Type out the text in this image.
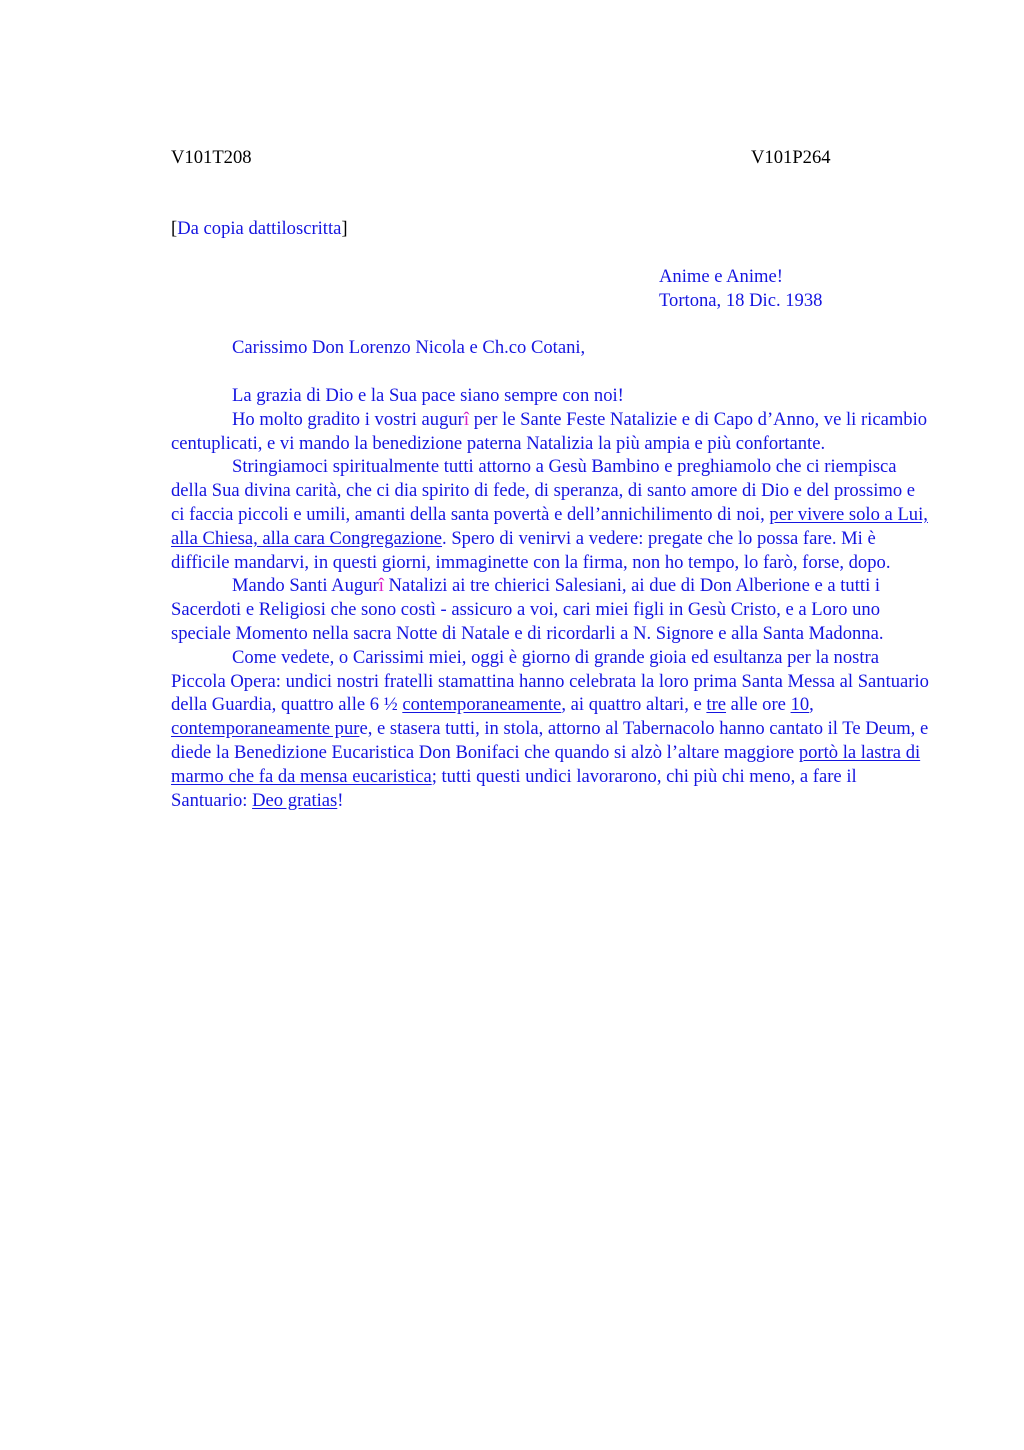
V101T208	V101P264
[Da copia dattiloscritta]
Anime e Anime!
Tortona, 18 Dic. 1938
Carissimo Don Lorenzo Nicola e Ch.co Cotani,

La grazia di Dio e la Sua pace siano sempre con noi!

Ho molto gradito i vostri augurî per le Sante Feste Natalizie e di Capo d’Anno, ve li ricambio centuplicati, e vi mando la benedizione paterna Natalizia la più ampia e più confortante.

Stringiamoci spiritualmente tutti attorno a Gesù Bambino e preghiamolo che ci riempisca della Sua divina carità, che ci dia spirito di fede, di speranza, di santo amore di Dio e del prossimo e ci faccia piccoli e umili, amanti della santa povertà e dell’annichilimento di noi, per vivere solo a Lui, alla Chiesa, alla cara Congregazione. Spero di venirvi a vedere: pregate che lo possa fare. Mi è difficile mandarvi, in questi giorni, immaginette con la firma, non ho tempo, lo farò, forse, dopo.

Mando Santi Augurî Natalizi ai tre chierici Salesiani, ai due di Don Alberione e a tutti i Sacerdoti e Religiosi che sono costì - assicuro a voi, cari miei figli in Gesù Cristo, e a Loro uno speciale Momento nella sacra Notte di Natale e di ricordarli a N. Signore e alla Santa Madonna.

Come vedete, o Carissimi miei, oggi è giorno di grande gioia ed esultanza per la nostra Piccola Opera: undici nostri fratelli stamattina hanno celebrata la loro prima Santa Messa al Santuario della Guardia, quattro alle 6 ½ contemporaneamente, ai quattro altari, e tre alle ore 10, contemporaneamente pure, e stasera tutti, in stola, attorno al Tabernacolo hanno cantato il Te Deum, e diede la Benedizione Eucaristica Don Bonifaci che quando si alzò l’altare maggiore portò la lastra di marmo che fa da mensa eucaristica; tutti questi undici lavorarono, chi più chi meno, a fare il Santuario: Deo gratias!
